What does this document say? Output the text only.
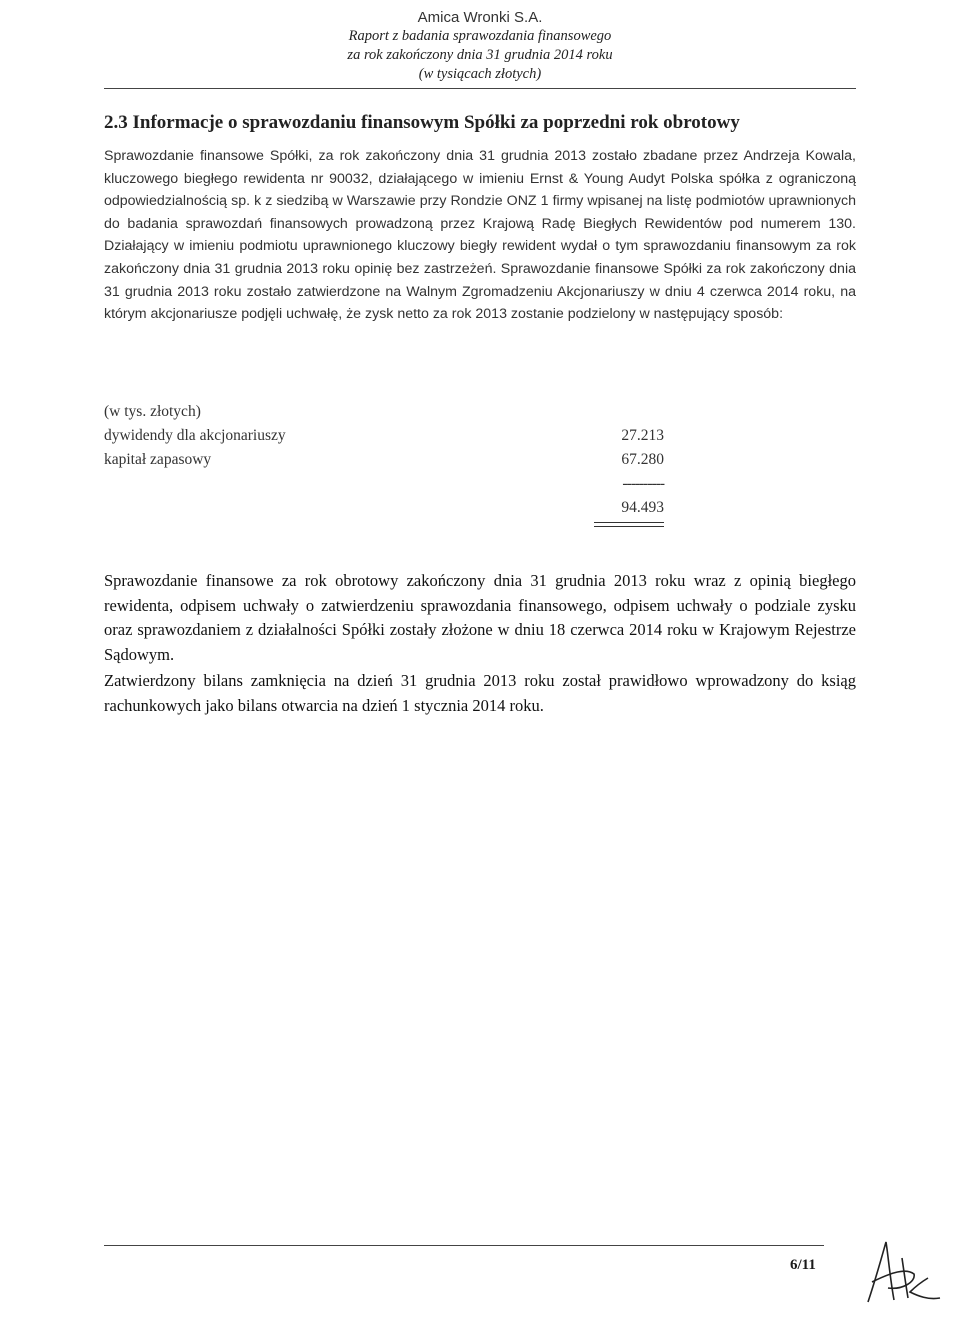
Amica Wronki S.A.
Raport z badania sprawozdania finansowego
za rok zakończony dnia 31 grudnia 2014 roku
(w tysiącach złotych)
2.3 Informacje o sprawozdaniu finansowym Spółki za poprzedni rok obrotowy
Sprawozdanie finansowe Spółki, za rok zakończony dnia 31 grudnia 2013 zostało zbadane przez Andrzeja Kowala, kluczowego biegłego rewidenta nr 90032, działającego w imieniu Ernst & Young Audyt Polska spółka z ograniczoną odpowiedzialnością sp. k z siedzibą w Warszawie przy Rondzie ONZ 1 firmy wpisanej na listę podmiotów uprawnionych do badania sprawozdań finansowych prowadzoną przez Krajową Radę Biegłych Rewidentów pod numerem 130. Działający w imieniu podmiotu uprawnionego kluczowy biegły rewident wydał o tym sprawozdaniu finansowym za rok zakończony dnia 31 grudnia 2013 roku opinię bez zastrzeżeń. Sprawozdanie finansowe Spółki za rok zakończony dnia 31 grudnia 2013 roku zostało zatwierdzone na Walnym Zgromadzeniu Akcjonariuszy w dniu 4 czerwca 2014 roku, na którym akcjonariusze podjęli uchwałę, że zysk netto za rok 2013 zostanie podzielony w następujący sposób:
(w tys. złotych)
dywidendy dla akcjonariuszy	27.213
kapitał zapasowy	67.280
----------
94.493
Sprawozdanie finansowe za rok obrotowy zakończony dnia 31 grudnia 2013 roku wraz z opinią biegłego rewidenta, odpisem uchwały o zatwierdzeniu sprawozdania finansowego, odpisem uchwały o podziale zysku oraz sprawozdaniem z działalności Spółki zostały złożone w dniu 18 czerwca 2014 roku w Krajowym Rejestrze Sądowym.
Zatwierdzony bilans zamknięcia na dzień 31 grudnia 2013 roku został prawidłowo wprowadzony do ksiąg rachunkowych jako bilans otwarcia na dzień 1 stycznia 2014 roku.
6/11
